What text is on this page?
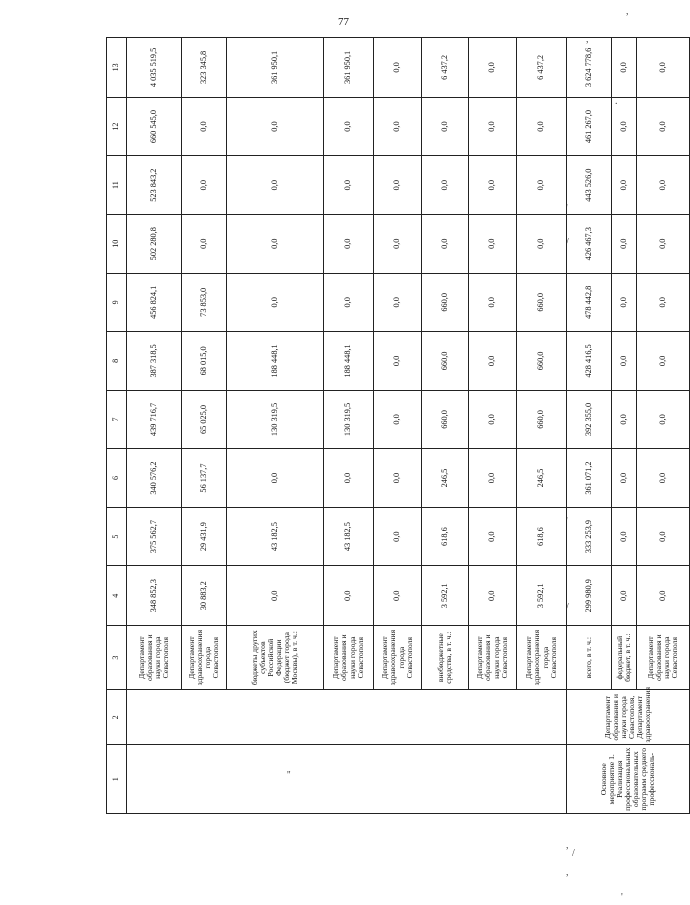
77
,
,
.
'
/
''
'
/
,
/
,
'
1	2	3	4	5	6	7	8	9	10	11	12	13
		Департамент образования и науки города Севастополя	348 852,3	375 562,7	340 576,2	439 716,7	387 318,5	456 824,1	502 280,8	523 843,2	660 545,0	4 035 519,5
		Департамент здравоохранения города Севастополя	30 883,2	29 431,9	56 137,7	65 025,0	68 015,0	73 853,0	0,0	0,0	0,0	323 345,8
		бюджеты других субъектов Российской Федерации (бюджет города Москвы), в т. ч.:	0,0	43 182,5	0,0	130 319,5	188 448,1	0,0	0,0	0,0	0,0	361 950,1
		Департамент образования и науки города Севастополя	0,0	43 182,5	0,0	130 319,5	188 448,1	0,0	0,0	0,0	0,0	361 950,1
		Департамент здравоохранения города Севастополя	0,0	0,0	0,0	0,0	0,0	0,0	0,0	0,0	0,0	0,0
		внебюджетные средства, в т. ч.:	3 592,1	618,6	246,5	660,0	660,0	660,0	0,0	0,0	0,0	6 437,2
		Департамент образования и науки города Севастополя	0,0	0,0	0,0	0,0	0,0	0,0	0,0	0,0	0,0	0,0
		Департамент здравоохранения города Севастополя	3 592,1	618,6	246,5	660,0	660,0	660,0	0,0	0,0	0,0	6 437,2
Основное мероприятие 1. Реализация профессиональных образовательных программ среднего профессиональ-	Департамент образования и науки города Севастополя, Департамент здравоохранения	всего, в т. ч.:	299 980,9	333 253,9	361 071,2	392 355,0	428 416,5	478 442,8	426 467,3	443 526,0	461 267,0	3 624 778,6
		федеральный бюджет, в т. ч.:	0,0	0,0	0,0	0,0	0,0	0,0	0,0	0,0	0,0	0,0
		Департамент образования и науки города Севастополя	0,0	0,0	0,0	0,0	0,0	0,0	0,0	0,0	0,0	0,0
